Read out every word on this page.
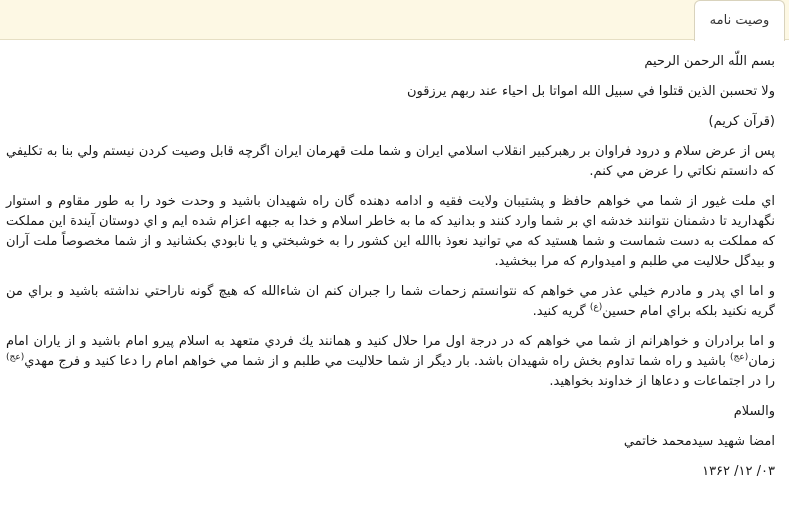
وصيت نامه

بسم اللّه الرحمن الرحيم

ولا تحسبن الذين قتلوا في سبيل الله امواتا بل احياء عند ربهم يرزقون

(قرآن كريم)

پس از عرض سلام و درود فراوان بر رهبركبير انقلاب اسلامي ايران و شما ملت قهرمان ايران اگرچه قابل وصيت كردن نيستم ولي بنا به تكليفي كه دانستم نكاتي را عرض مي كنم.

اي ملت غيور از شما مي خواهم حافظ و پشتيبان ولايت فقيه و ادامه دهنده گان راه شهيدان باشيد و وحدت خود را به طور مقاوم و استوار نگهداريد تا دشمنان نتوانند خدشه اي بر شما وارد كنند و بدانيد كه ما به خاطر اسلام و خدا به جبهه اعزام شده ايم و اي دوستان آيندة اين مملكت كه مملكت به دست شماست و شما هستيد كه مي توانيد نعوذ باالله اين كشور را به خوشبختي و يا نابودي بكشانيد و از شما مخصوصاً ملت آران و بيدگل حلاليت مي طلبم و اميدوارم كه مرا ببخشيد.

و اما اي پدر و مادرم خيلي عذر مي خواهم كه نتوانستم زحمات شما را جبران كنم ان شاءالله كه هيچ گونه ناراحتي نداشته باشيد و براي من گريه نكنيد بلكه براي امام حسين$^{(ع)}$ گريه كنيد.

و اما برادران و خواهرانم از شما مي خواهم كه در درجة اول مرا حلال كنيد و همانند يك فردي متعهد به اسلام پيرو امام باشيد و از ياران امام زمان$^{(عج)}$ باشيد و راه شما تداوم بخش راه شهيدان باشد. بار ديگر از شما حلاليت مي طلبم و از شما مي خواهم امام را دعا كنيد و فرج مهدي$^{(عج)}$ را در اجتماعات و دعاها از خداوند بخواهيد.

والسلام

امضا شهيد سيدمحمد خاتمي

۰۳/ ۱۲/ ۱۳۶۲
